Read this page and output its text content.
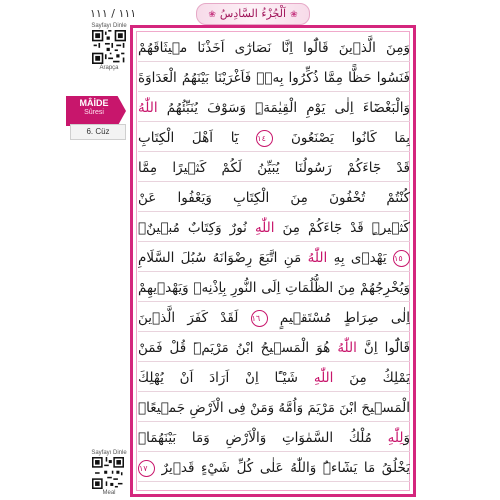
١١١ / ١١١	❀ اَلْجُزْءُ السَّادِسُ ❀
Sayfayı Dinle
Arapça
MÂİDE
Sûresi
6. Cüz
Sayfayı Dinle
Meal
وَمِنَ الَّذٖينَ قَالُٓوا اِنَّا نَصَارٰٓى اَخَذْنَا مٖيثَاقَهُمْ
فَنَسُوا حَظًّا مِمَّا ذُكِّرُوا بِهٖۚ فَاَغْرَيْنَا بَيْنَهُمُ الْعَدَاوَةَ
وَالْبَغْضَٓاءَ اِلٰى يَوْمِ الْقِيٰمَةِۜ وَسَوْفَ يُنَبِّئُهُمُ اللّٰهُ
بِمَا كَانُوا يَصْنَعُونَ ١٤ يَٓا اَهْلَ الْكِتَابِ
قَدْ جَٓاءَكُمْ رَسُولُنَا يُبَيِّنُ لَكُمْ كَثٖيرًا مِمَّا
كُنْتُمْ تُخْفُونَ مِنَ الْكِتَابِ وَيَعْفُوا عَنْ
كَثٖيرٍۜ قَدْ جَٓاءَكُمْ مِنَ اللّٰهِ نُورٌ وَكِتَابٌ مُبٖينٌۙ
١٥ يَهْدٖى بِهِ اللّٰهُ مَنِ اتَّبَعَ رِضْوَانَهُ سُبُلَ السَّلَامِ
وَيُخْرِجُهُمْ مِنَ الظُّلُمَاتِ اِلَى النُّورِ بِاِذْنِهٖ وَيَهْدٖيهِمْ
اِلٰى صِرَاطٍ مُسْتَقٖيمٍ ١٦ لَقَدْ كَفَرَ الَّذٖينَ
قَالُٓوا اِنَّ اللّٰهُ هُوَ الْمَسٖيحُ ابْنُ مَرْيَمَۜ قُلْ فَمَنْ
يَمْلِكُ مِنَ اللّٰهِ شَيْـًٔا اِنْ اَرَادَ اَنْ يُهْلِكَ
الْمَسٖيحَ ابْنَ مَرْيَمَ وَاُمَّهُ وَمَنْ فِى الْاَرْضِ جَمٖيعًاۜ
وَلِلّٰهِ مُلْكُ السَّمٰوَاتِ وَالْاَرْضِ وَمَا بَيْنَهُمَاۜ
يَخْلُقُ مَا يَشَٓاءُۜ وَاللّٰهُ عَلٰى كُلِّ شَيْءٍ قَدٖيرٌ ١٧
